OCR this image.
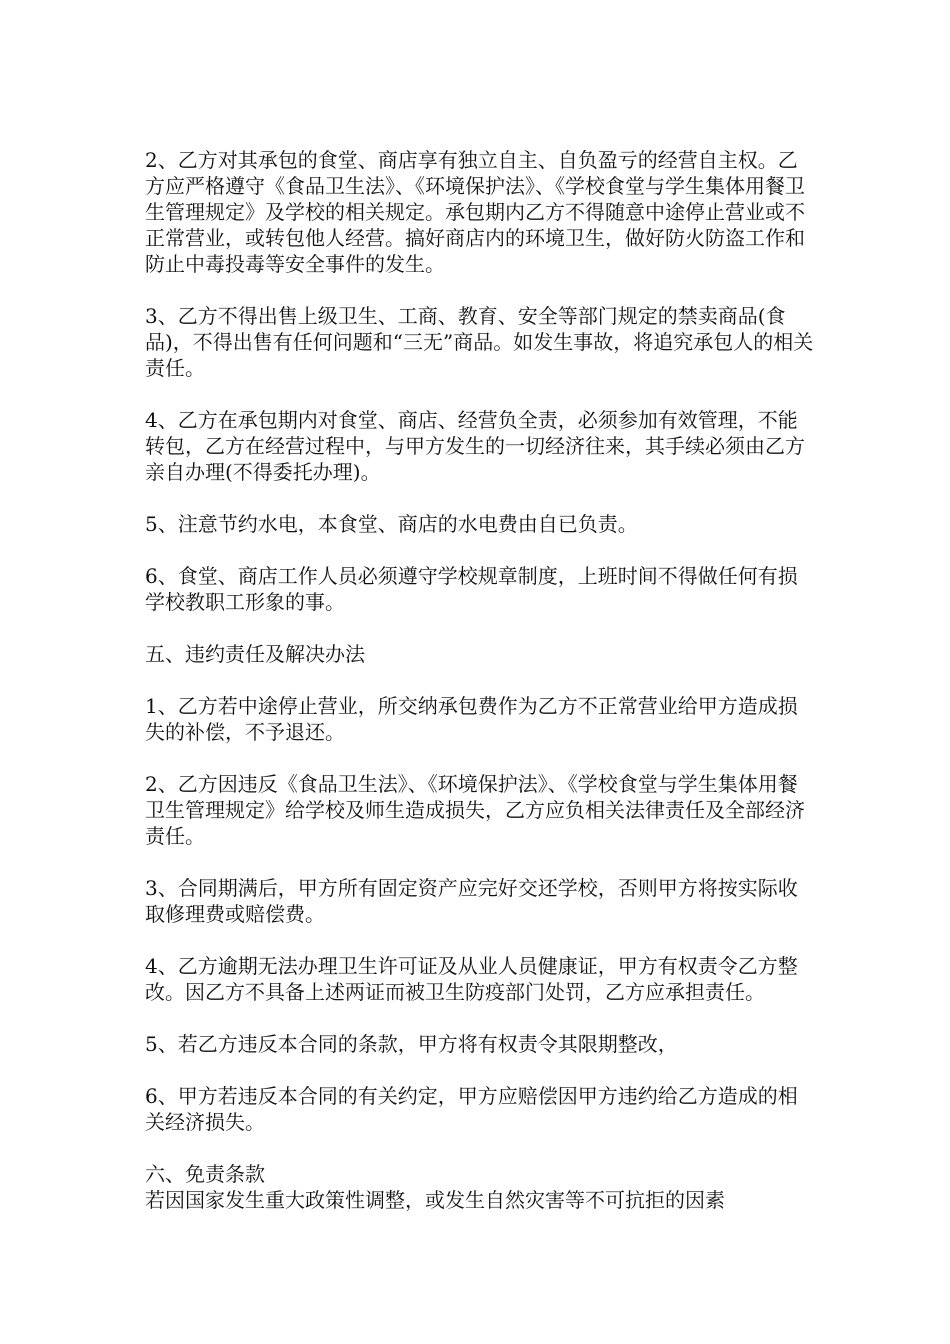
2、乙方对其承包的食堂、商店享有独立自主、自负盈亏的经营自主权。乙方应严格遵守《食品卫生法》、《环境保护法》、《学校食堂与学生集体用餐卫生管理规定》及学校的相关规定。承包期内乙方不得随意中途停止营业或不正常营业，或转包他人经营。搞好商店内的环境卫生，做好防火防盗工作和防止中毒投毒等安全事件的发生。

3、乙方不得出售上级卫生、工商、教育、安全等部门规定的禁卖商品(食品)，不得出售有任何问题和“三无”商品。如发生事故，将追究承包人的相关责任。

4、乙方在承包期内对食堂、商店、经营负全责，必须参加有效管理，不能转包，乙方在经营过程中，与甲方发生的一切经济往来，其手续必须由乙方亲自办理(不得委托办理)。

5、注意节约水电，本食堂、商店的水电费由自已负责。

6、食堂、商店工作人员必须遵守学校规章制度，上班时间不得做任何有损学校教职工形象的事。

五、违约责任及解决办法

1、乙方若中途停止营业，所交纳承包费作为乙方不正常营业给甲方造成损失的补偿，不予退还。

2、乙方因违反《食品卫生法》、《环境保护法》、《学校食堂与学生集体用餐卫生管理规定》给学校及师生造成损失，乙方应负相关法律责任及全部经济责任。

3、合同期满后，甲方所有固定资产应完好交还学校，否则甲方将按实际收取修理费或赔偿费。

4、乙方逾期无法办理卫生许可证及从业人员健康证，甲方有权责令乙方整改。因乙方不具备上述两证而被卫生防疫部门处罚，乙方应承担责任。

5、若乙方违反本合同的条款，甲方将有权责令其限期整改，

6、甲方若违反本合同的有关约定，甲方应赔偿因甲方违约给乙方造成的相关经济损失。

六、免责条款

若因国家发生重大政策性调整，或发生自然灾害等不可抗拒的因素
